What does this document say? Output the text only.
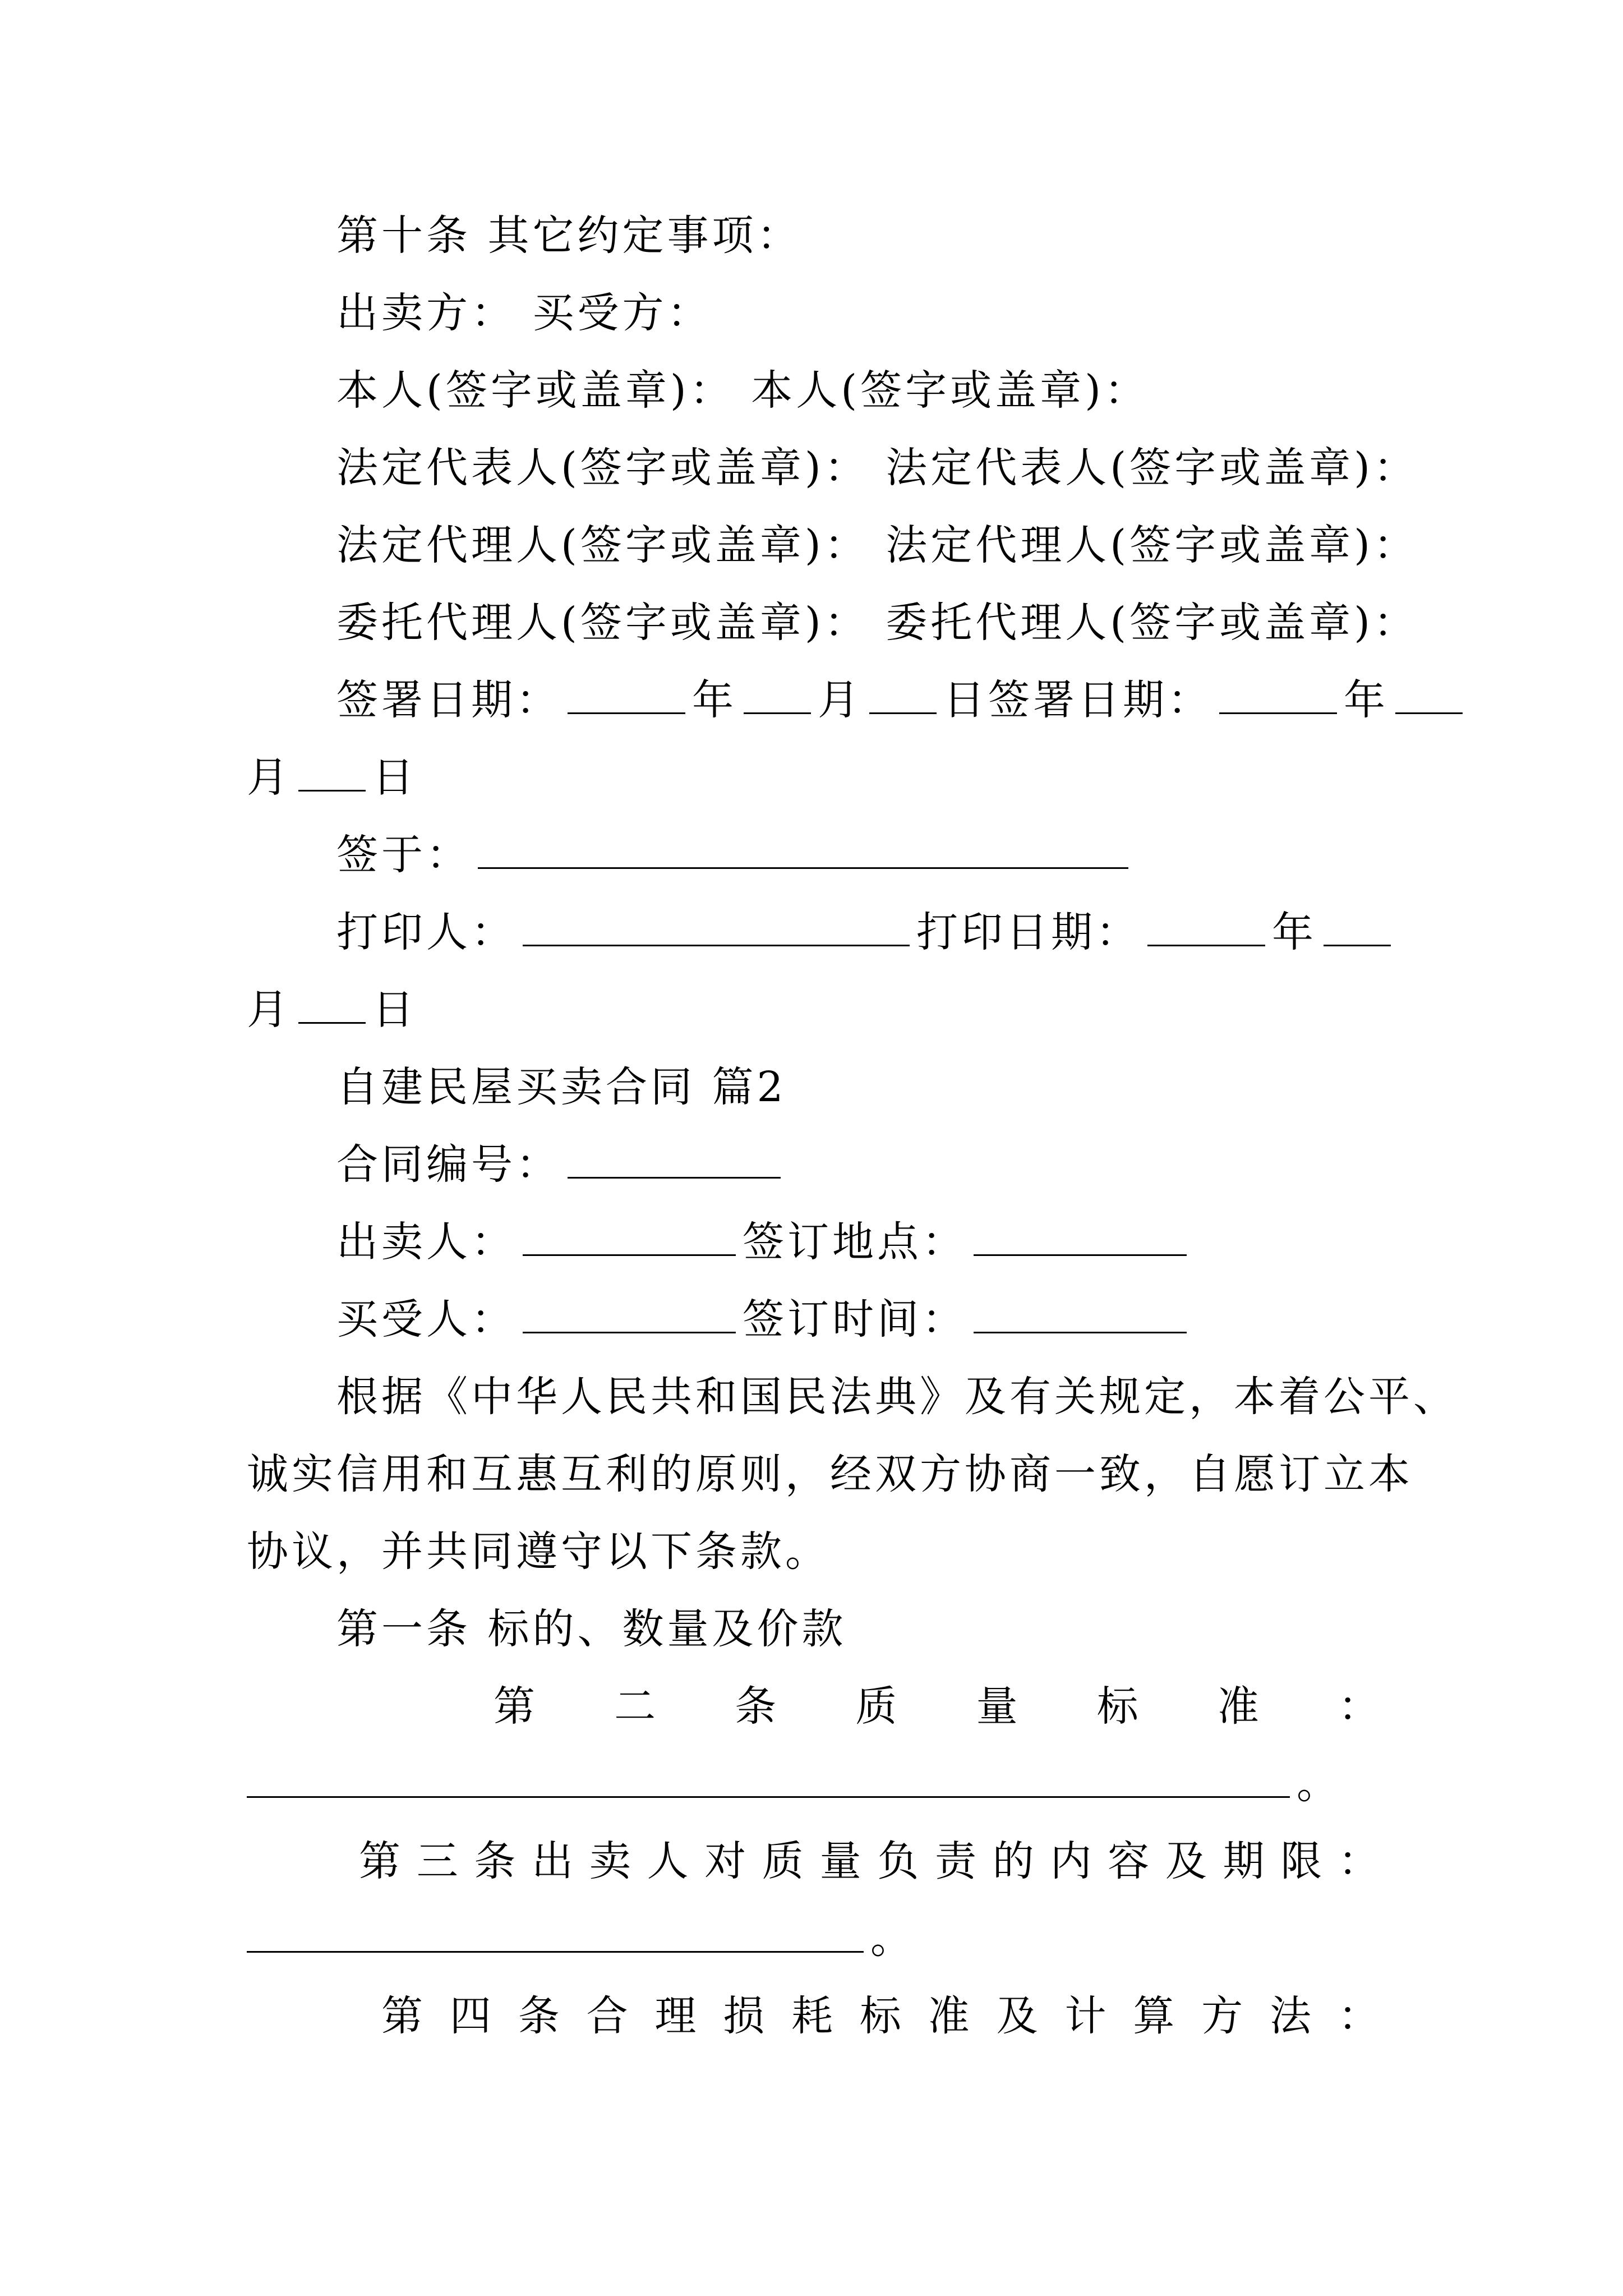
第十条 其它约定事项：
出卖方： 买受方：
本人(签字或盖章)： 本人(签字或盖章)：
法定代表人(签字或盖章)： 法定代表人(签字或盖章)：
法定代理人(签字或盖章)： 法定代理人(签字或盖章)：
委托代理人(签字或盖章)： 委托代理人(签字或盖章)：
签署日期：	年 月 日签署日期：	年
月 日
签于：
打印人：	打印日期：	年
月 日
自建民屋买卖合同 篇2
合同编号：
出卖人：	签订地点：
买受人：	签订时间：
根据《中华人民共和国民法典》及有关规定，本着公平、
诚实信用和互惠互利的原则，经双方协商一致，自愿订立本
协议，并共同遵守以下条款。
第一条 标的、数量及价款
第 二 条 质 量 标 准 ：
。
第 三 条 出 卖 人 对 质 量 负 责 的 内 容 及 期 限 ：
。
第 四 条 合 理 损 耗 标 准 及 计 算 方 法 ：
